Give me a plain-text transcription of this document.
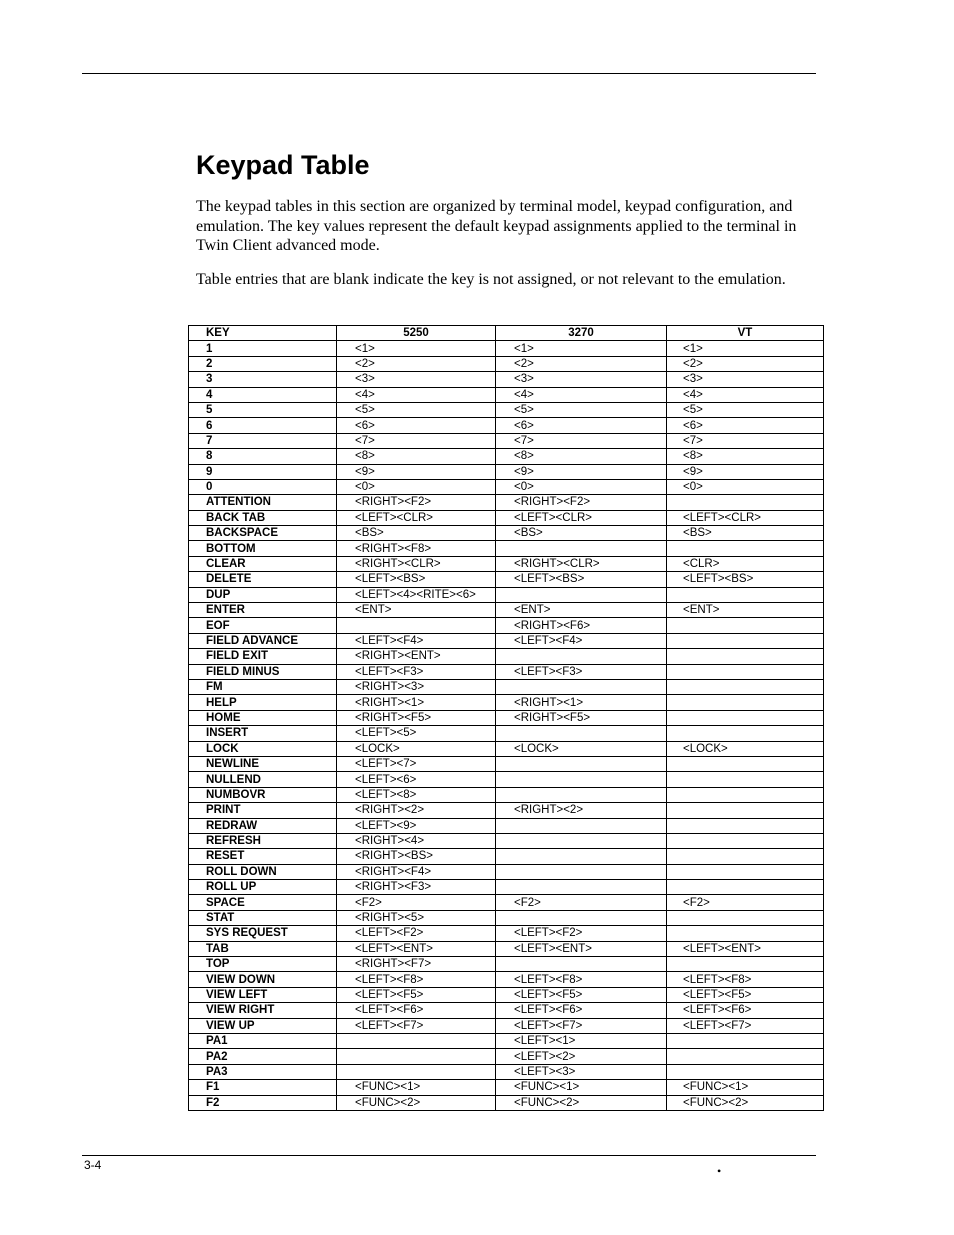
Keypad Table

The keypad tables in this section are organized by terminal model, keypad configuration, and emulation. The key values represent the default keypad assignments applied to the terminal in Twin Client advanced mode.

Table entries that are blank indicate the key is not assigned, or not relevant to the emulation.

KEY	5250	3270	VT
1	<1>	<1>	<1>
2	<2>	<2>	<2>
3	<3>	<3>	<3>
4	<4>	<4>	<4>
5	<5>	<5>	<5>
6	<6>	<6>	<6>
7	<7>	<7>	<7>
8	<8>	<8>	<8>
9	<9>	<9>	<9>
0	<0>	<0>	<0>
ATTENTION	<RIGHT><F2>	<RIGHT><F2>	
BACK TAB	<LEFT><CLR>	<LEFT><CLR>	<LEFT><CLR>
BACKSPACE	<BS>	<BS>	<BS>
BOTTOM	<RIGHT><F8>		
CLEAR	<RIGHT><CLR>	<RIGHT><CLR>	<CLR>
DELETE	<LEFT><BS>	<LEFT><BS>	<LEFT><BS>
DUP	<LEFT><4><RITE><6>		
ENTER	<ENT>	<ENT>	<ENT>
EOF		<RIGHT><F6>	
FIELD ADVANCE	<LEFT><F4>	<LEFT><F4>	
FIELD EXIT	<RIGHT><ENT>		
FIELD MINUS	<LEFT><F3>	<LEFT><F3>	
FM	<RIGHT><3>		
HELP	<RIGHT><1>	<RIGHT><1>	
HOME	<RIGHT><F5>	<RIGHT><F5>	
INSERT	<LEFT><5>		
LOCK	<LOCK>	<LOCK>	<LOCK>
NEWLINE	<LEFT><7>		
NULLEND	<LEFT><6>		
NUMBOVR	<LEFT><8>		
PRINT	<RIGHT><2>	<RIGHT><2>	
REDRAW	<LEFT><9>		
REFRESH	<RIGHT><4>		
RESET	<RIGHT><BS>		
ROLL DOWN	<RIGHT><F4>		
ROLL UP	<RIGHT><F3>		
SPACE	<F2>	<F2>	<F2>
STAT	<RIGHT><5>		
SYS REQUEST	<LEFT><F2>	<LEFT><F2>	
TAB	<LEFT><ENT>	<LEFT><ENT>	<LEFT><ENT>
TOP	<RIGHT><F7>		
VIEW DOWN	<LEFT><F8>	<LEFT><F8>	<LEFT><F8>
VIEW LEFT	<LEFT><F5>	<LEFT><F5>	<LEFT><F5>
VIEW RIGHT	<LEFT><F6>	<LEFT><F6>	<LEFT><F6>
VIEW UP	<LEFT><F7>	<LEFT><F7>	<LEFT><F7>
PA1		<LEFT><1>	
PA2		<LEFT><2>	
PA3		<LEFT><3>	
F1	<FUNC><1>	<FUNC><1>	<FUNC><1>
F2	<FUNC><2>	<FUNC><2>	<FUNC><2>
3-4	•
